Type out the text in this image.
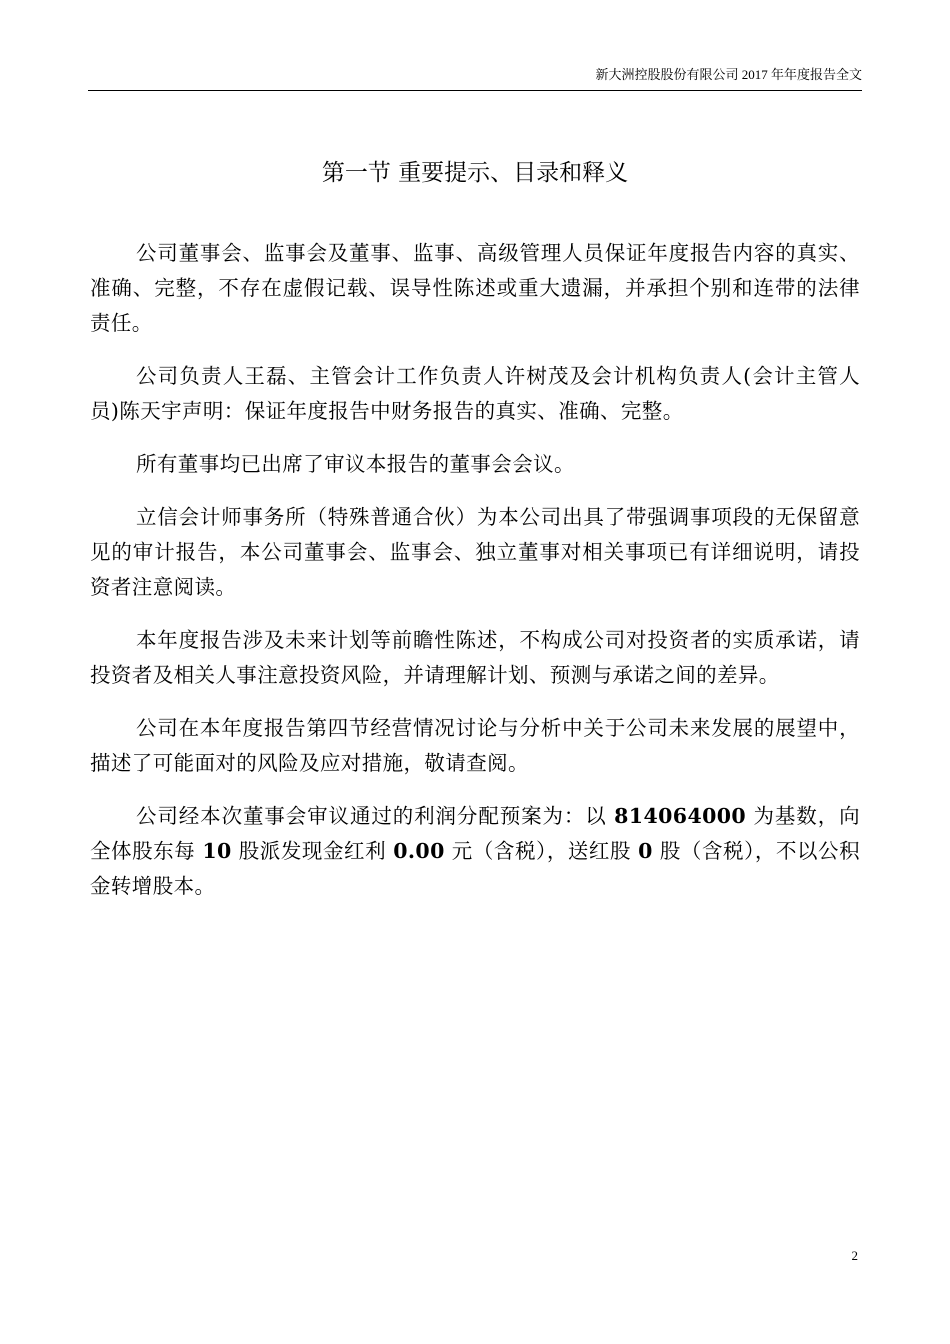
新大洲控股股份有限公司 2017 年年度报告全文
第一节 重要提示、目录和释义

公司董事会、监事会及董事、监事、高级管理人员保证年度报告内容的真实、准确、完整，不存在虚假记载、误导性陈述或重大遗漏，并承担个别和连带的法律责任。

公司负责人王磊、主管会计工作负责人许树茂及会计机构负责人(会计主管人员)陈天宇声明：保证年度报告中财务报告的真实、准确、完整。

所有董事均已出席了审议本报告的董事会会议。

立信会计师事务所（特殊普通合伙）为本公司出具了带强调事项段的无保留意见的审计报告，本公司董事会、监事会、独立董事对相关事项已有详细说明，请投资者注意阅读。

本年度报告涉及未来计划等前瞻性陈述，不构成公司对投资者的实质承诺，请投资者及相关人事注意投资风险，并请理解计划、预测与承诺之间的差异。

公司在本年度报告第四节经营情况讨论与分析中关于公司未来发展的展望中，描述了可能面对的风险及应对措施，敬请查阅。

公司经本次董事会审议通过的利润分配预案为：以 814064000 为基数，向全体股东每 10 股派发现金红利 0.00 元（含税），送红股 0 股（含税），不以公积金转增股本。

2
